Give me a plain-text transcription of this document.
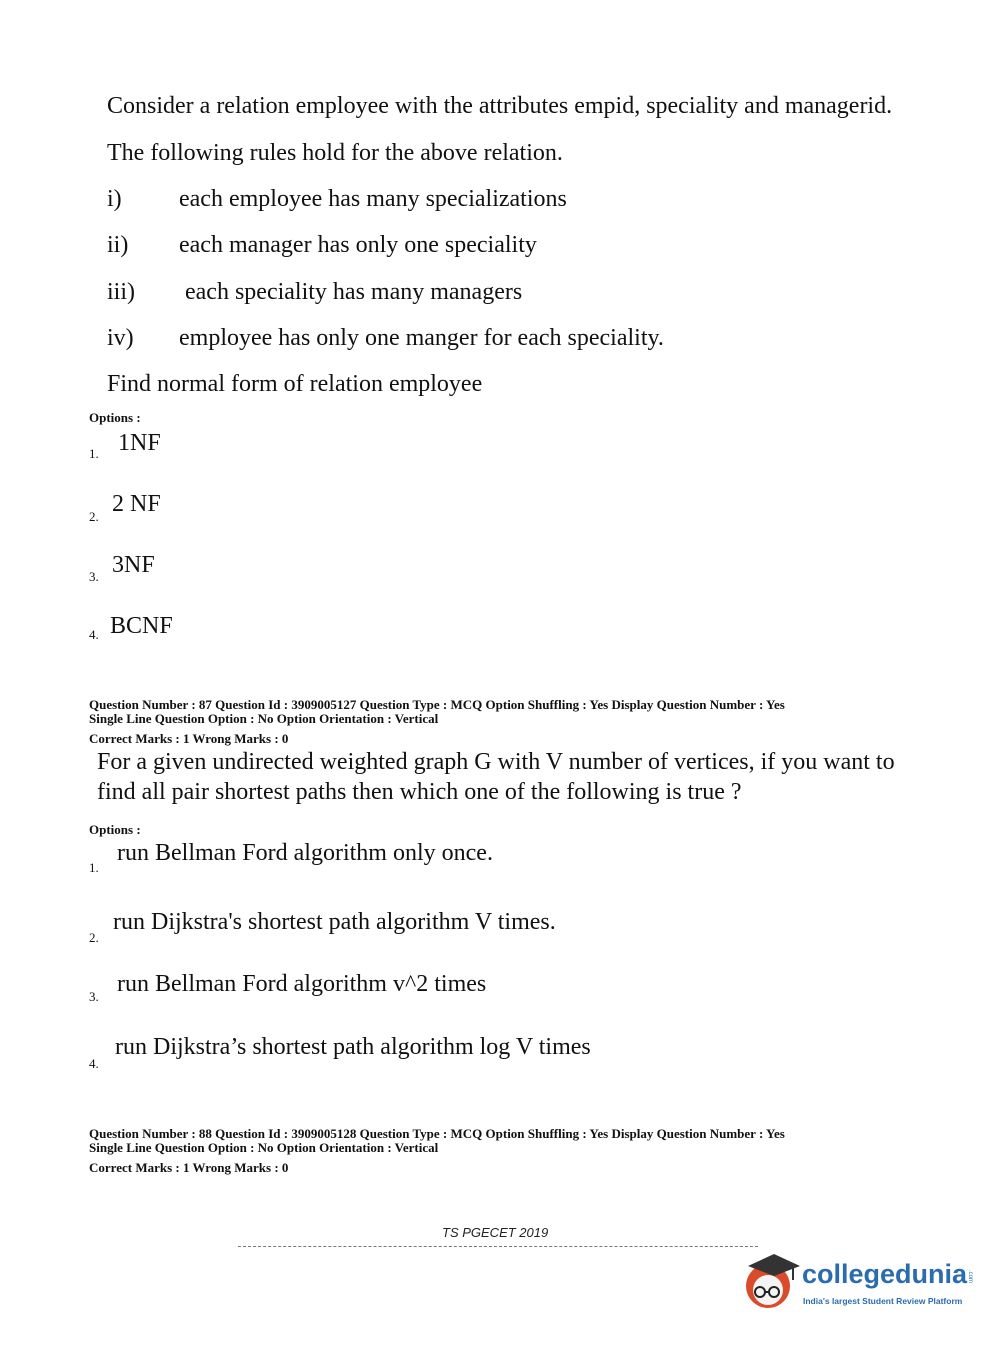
Consider a relation employee with the attributes empid, speciality and managerid.
The following rules hold for the above relation.
i) each employee has many specializations
ii) each manager has only one speciality
iii) each speciality has many managers
iv) employee has only one manger for each speciality.
Find normal form of relation employee
Options :
1. 1NF
2. 2 NF
3. 3NF
4. BCNF
Question Number : 87 Question Id : 3909005127 Question Type : MCQ Option Shuffling : Yes Display Question Number : Yes
Single Line Question Option : No Option Orientation : Vertical
Correct Marks : 1 Wrong Marks : 0
For a given undirected weighted graph G with V number of vertices, if you want to
find all pair shortest paths then which one of the following is true ?
Options :
1.
run Bellman Ford algorithm only once.
2.
run Dijkstra's shortest path algorithm V times.
3. run Bellman Ford algorithm v^2 times
4.
run Dijkstra’s shortest path algorithm log V times
Question Number : 88 Question Id : 3909005128 Question Type : MCQ Option Shuffling : Yes Display Question Number : Yes
Single Line Question Option : No Option Orientation : Vertical
Correct Marks : 1 Wrong Marks : 0
TS PGECET 2019
collegedunia.com
India's largest Student Review Platform
